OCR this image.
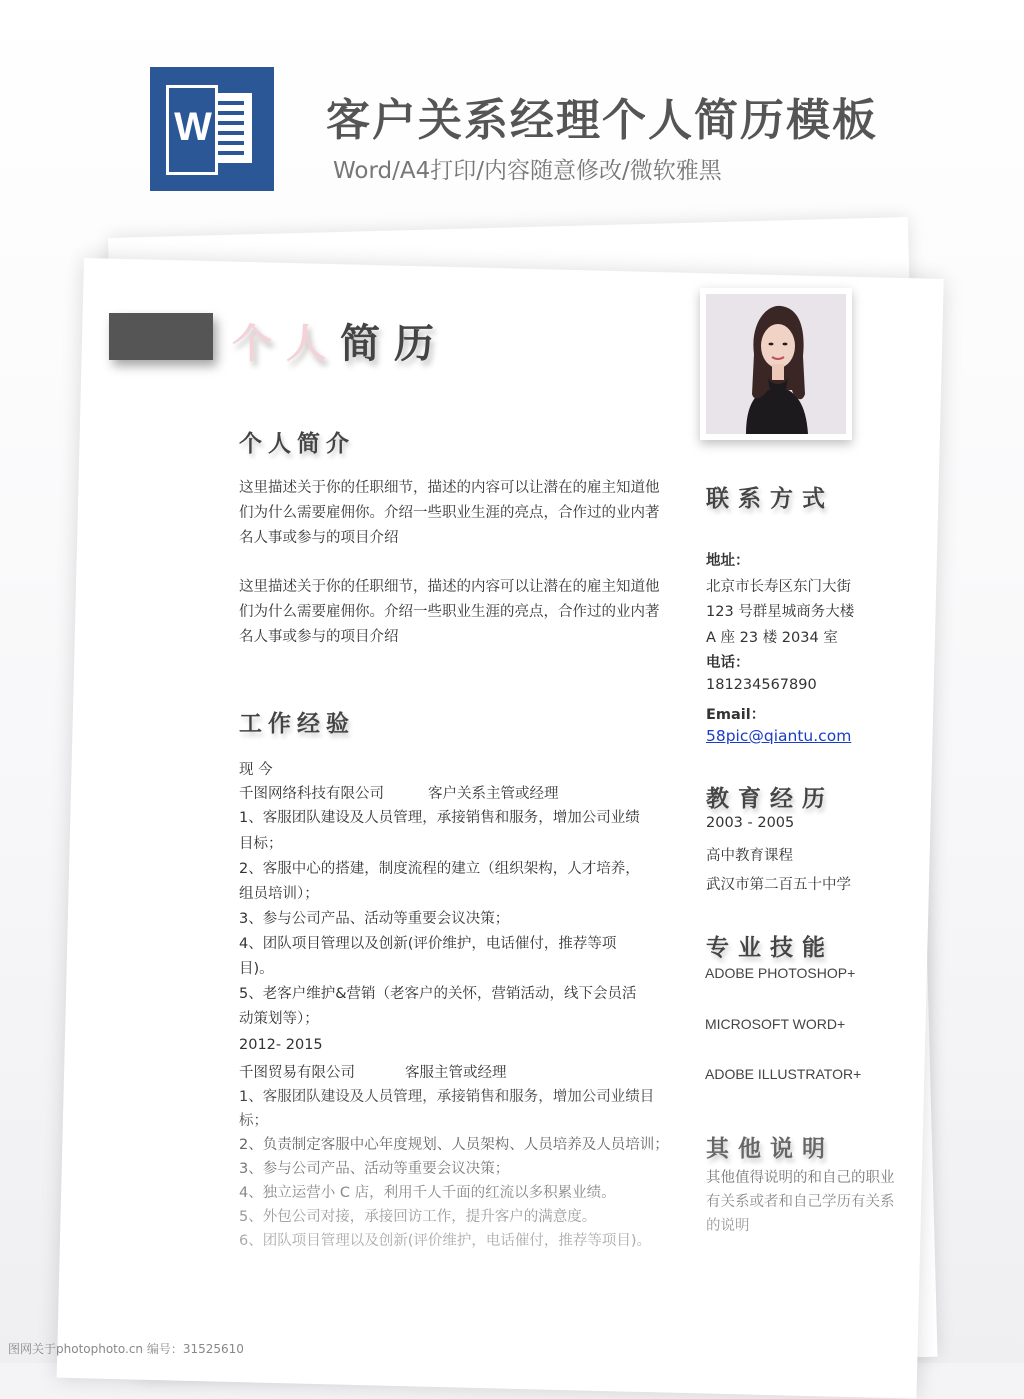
W	客户关系经理个人简历模板
Word/A4打印/内容随意修改/微软雅黑
个人简历
个人简介
这里描述关于你的任职细节，描述的内容可以让潜在的雇主知道他们为什么需要雇佣你。介绍一些职业生涯的亮点，合作过的业内著名人事或参与的项目介绍
这里描述关于你的任职细节，描述的内容可以让潜在的雇主知道他们为什么需要雇佣你。介绍一些职业生涯的亮点，合作过的业内著名人事或参与的项目介绍
工作经验
现 今
千图网络科技有限公司	客户关系主管或经理
1、客服团队建设及人员管理，承接销售和服务，增加公司业绩
目标；
2、客服中心的搭建，制度流程的建立（组织架构，人才培养，
组员培训）；
3、参与公司产品、活动等重要会议决策；
4、团队项目管理以及创新(评价维护，电话催付，推荐等项
目)。
5、老客户维护&营销（老客户的关怀，营销活动，线下会员活
动策划等）；
2012- 2015
千图贸易有限公司	客服主管或经理
1、客服团队建设及人员管理，承接销售和服务，增加公司业绩目
标；
2、负责制定客服中心年度规划、人员架构、人员培养及人员培训；
3、参与公司产品、活动等重要会议决策；
4、独立运营小 C 店，利用千人千面的红流以多积累业绩。
5、外包公司对接，承接回访工作，提升客户的满意度。
6、团队项目管理以及创新(评价维护，电话催付，推荐等项目)。
联系方式
地址：
北京市长寿区东门大街
123 号群星城商务大楼
A 座 23 楼 2034 室
电话：
181234567890
Email：
58pic@qiantu.com
教育经历
2003 - 2005
高中教育课程
武汉市第二百五十中学
专业技能
ADOBE PHOTOSHOP+
MICROSOFT WORD+
ADOBE ILLUSTRATOR+
其他说明
其他值得说明的和自己的职业
有关系或者和自己学历有关系
的说明
图网关于photophoto.cn 编号：31525610
